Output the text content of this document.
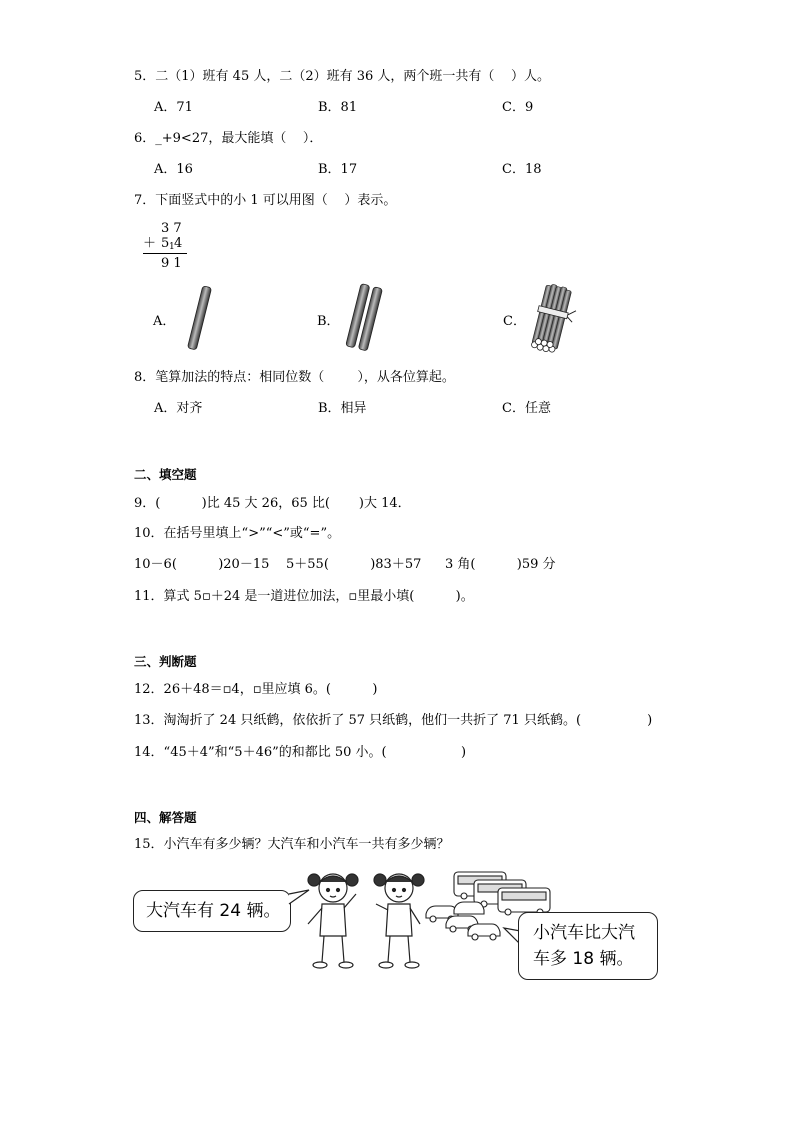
5．二（1）班有 45 人，二（2）班有 36 人，两个班一共有（    ）人。
A．71	B．81	C．9
6．_+9<27，最大能填（    ）．
A．16	B．17	C．18
7．下面竖式中的小 1 可以用图（    ）表示。
3 7
＋ 5 1 4
9 1
A．	B．	C．
8．笔算加法的特点：相同位数（        ），从各位算起。
A．对齐	B．相异	C．任意
二、填空题
9．(          )比 45 大 26，65 比(       )大 14．
10．在括号里填上“>”“<”或“=”。
10－6(          )20－15 5＋55(          )83＋57 3 角(          )59 分
11．算式 5▫＋24 是一道进位加法，▫里最小填(          )。
三、判断题
12．26＋48＝▫4，▫里应填 6。(          )
13．淘淘折了 24 只纸鹤，依依折了 57 只纸鹤，他们一共折了 71 只纸鹤。(                )
14．“45＋4”和“5＋46”的和都比 50 小。(                  )
四、解答题
15．小汽车有多少辆？大汽车和小汽车一共有多少辆？
大汽车有 24 辆。
小汽车比大汽
车多 18 辆。
